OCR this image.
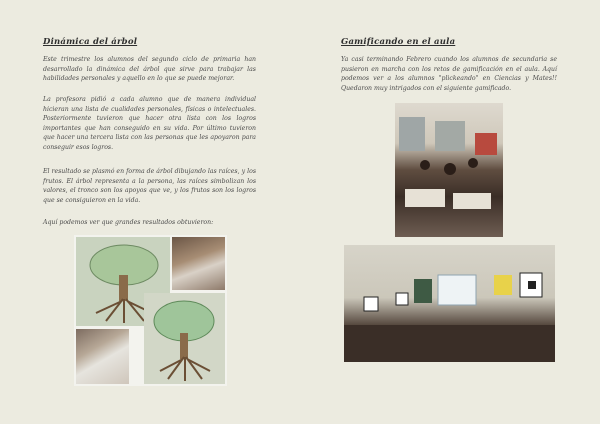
Dinámica del árbol

Este trimestre los alumnos del segundo ciclo de primaria han desarrollado la dinámica del árbol que sirve para trabajar las habilidades personales y aquello en lo que se puede mejorar.

La profesora pidió a cada alumno que de manera individual hicieran una lista de cualidades personales, físicas o intelectuales. Posteriormente tuvieron que hacer otra lista con los logros importantes que han conseguido en su vida. Por último tuvieron que hacer una tercera lista con las personas que les apoyaron para conseguir esos logros.

El resultado se plasmó en forma de árbol dibujando las raíces, y los frutos. El árbol representa a la persona, las raíces simbolizan los valores, el tronco son los apoyos que ve, y los frutos son los logros que se consiguieron en la vida.

Aquí podemos ver que grandes resultados obtuvieron:

Gamificando en el aula

Ya casi terminando Febrero cuando los alumnos de secundaria se pusieron en marcha con los retos de gamificación en el aula. Aquí podemos ver a los alumnos "plickeando" en Ciencias y Mates!! Quedaron muy intrigados con el siguiente gamificado.
